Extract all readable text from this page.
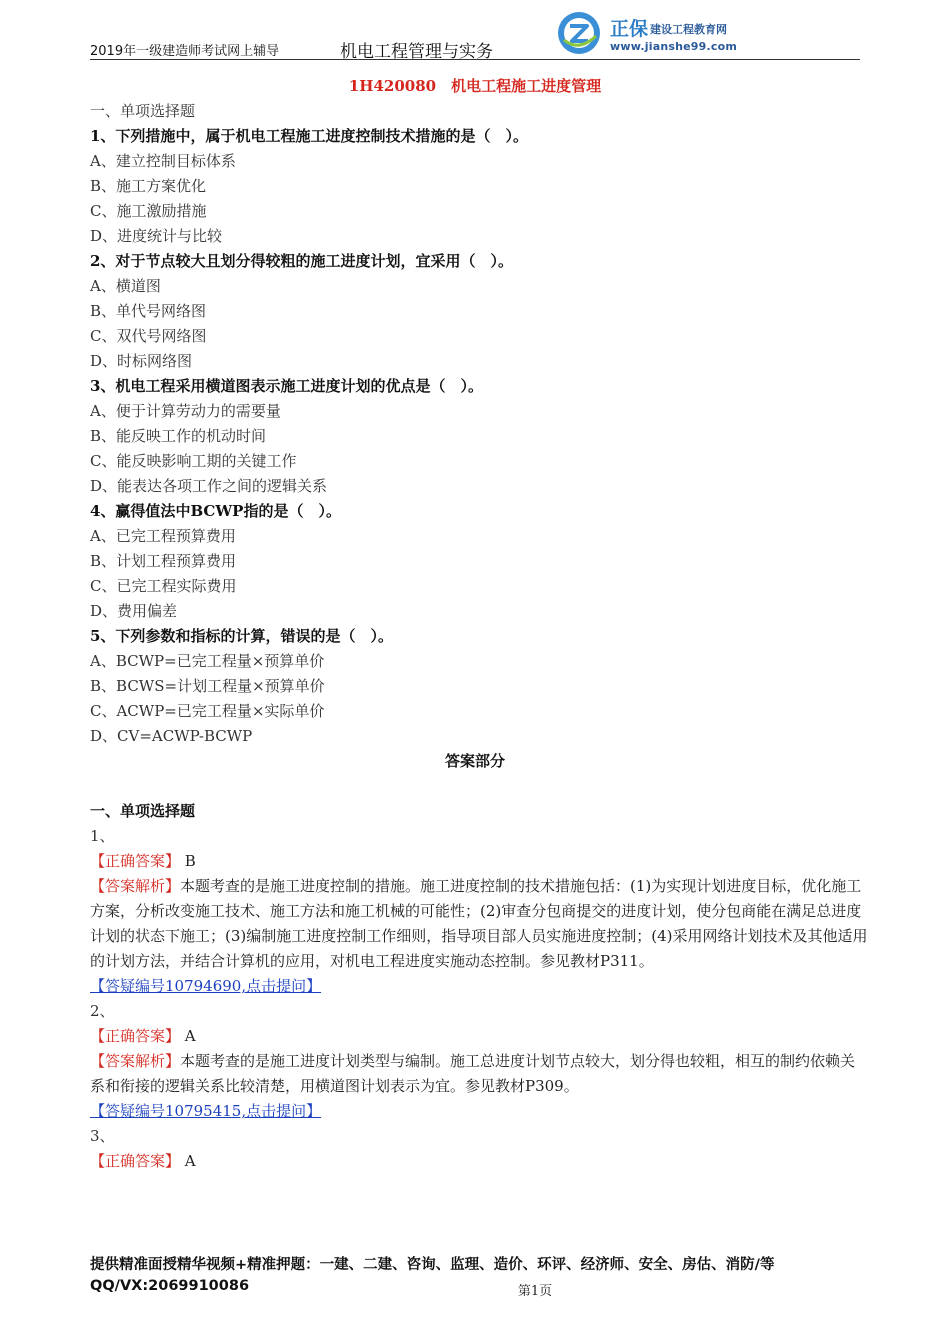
2019年一级建造师考试网上辅导	机电工程管理与实务
正保 建设工程教育网
www.jianshe99.com
1H420080　机电工程施工进度管理
一、单项选择题
1、下列措施中，属于机电工程施工进度控制技术措施的是（　）。
A、建立控制目标体系
B、施工方案优化
C、施工激励措施
D、进度统计与比较
2、对于节点较大且划分得较粗的施工进度计划，宜采用（　）。
A、横道图
B、单代号网络图
C、双代号网络图
D、时标网络图
3、机电工程采用横道图表示施工进度计划的优点是（　）。
A、便于计算劳动力的需要量
B、能反映工作的机动时间
C、能反映影响工期的关键工作
D、能表达各项工作之间的逻辑关系
4、赢得值法中BCWP指的是（　）。
A、已完工程预算费用
B、计划工程预算费用
C、已完工程实际费用
D、费用偏差
5、下列参数和指标的计算，错误的是（　）。
A、BCWP=已完工程量×预算单价
B、BCWS=计划工程量×预算单价
C、ACWP=已完工程量×实际单价
D、CV=ACWP-BCWP
答案部分
一、单项选择题
1、
【正确答案】 B
【答案解析】本题考查的是施工进度控制的措施。施工进度控制的技术措施包括：(1)为实现计划进度目标，优化施工方案，分析改变施工技术、施工方法和施工机械的可能性；(2)审查分包商提交的进度计划，使分包商能在满足总进度计划的状态下施工；(3)编制施工进度控制工作细则，指导项目部人员实施进度控制；(4)采用网络计划技术及其他适用的计划方法，并结合计算机的应用，对机电工程进度实施动态控制。参见教材P311。
【答疑编号10794690,点击提问】
2、
【正确答案】 A
【答案解析】本题考查的是施工进度计划类型与编制。施工总进度计划节点较大，划分得也较粗，相互的制约依赖关系和衔接的逻辑关系比较清楚，用横道图计划表示为宜。参见教材P309。
【答疑编号10795415,点击提问】
3、
【正确答案】 A
提供精准面授精华视频+精准押题：一建、二建、咨询、监理、造价、环评、经济师、安全、房估、消防/等
QQ/VX:2069910086	第1页
